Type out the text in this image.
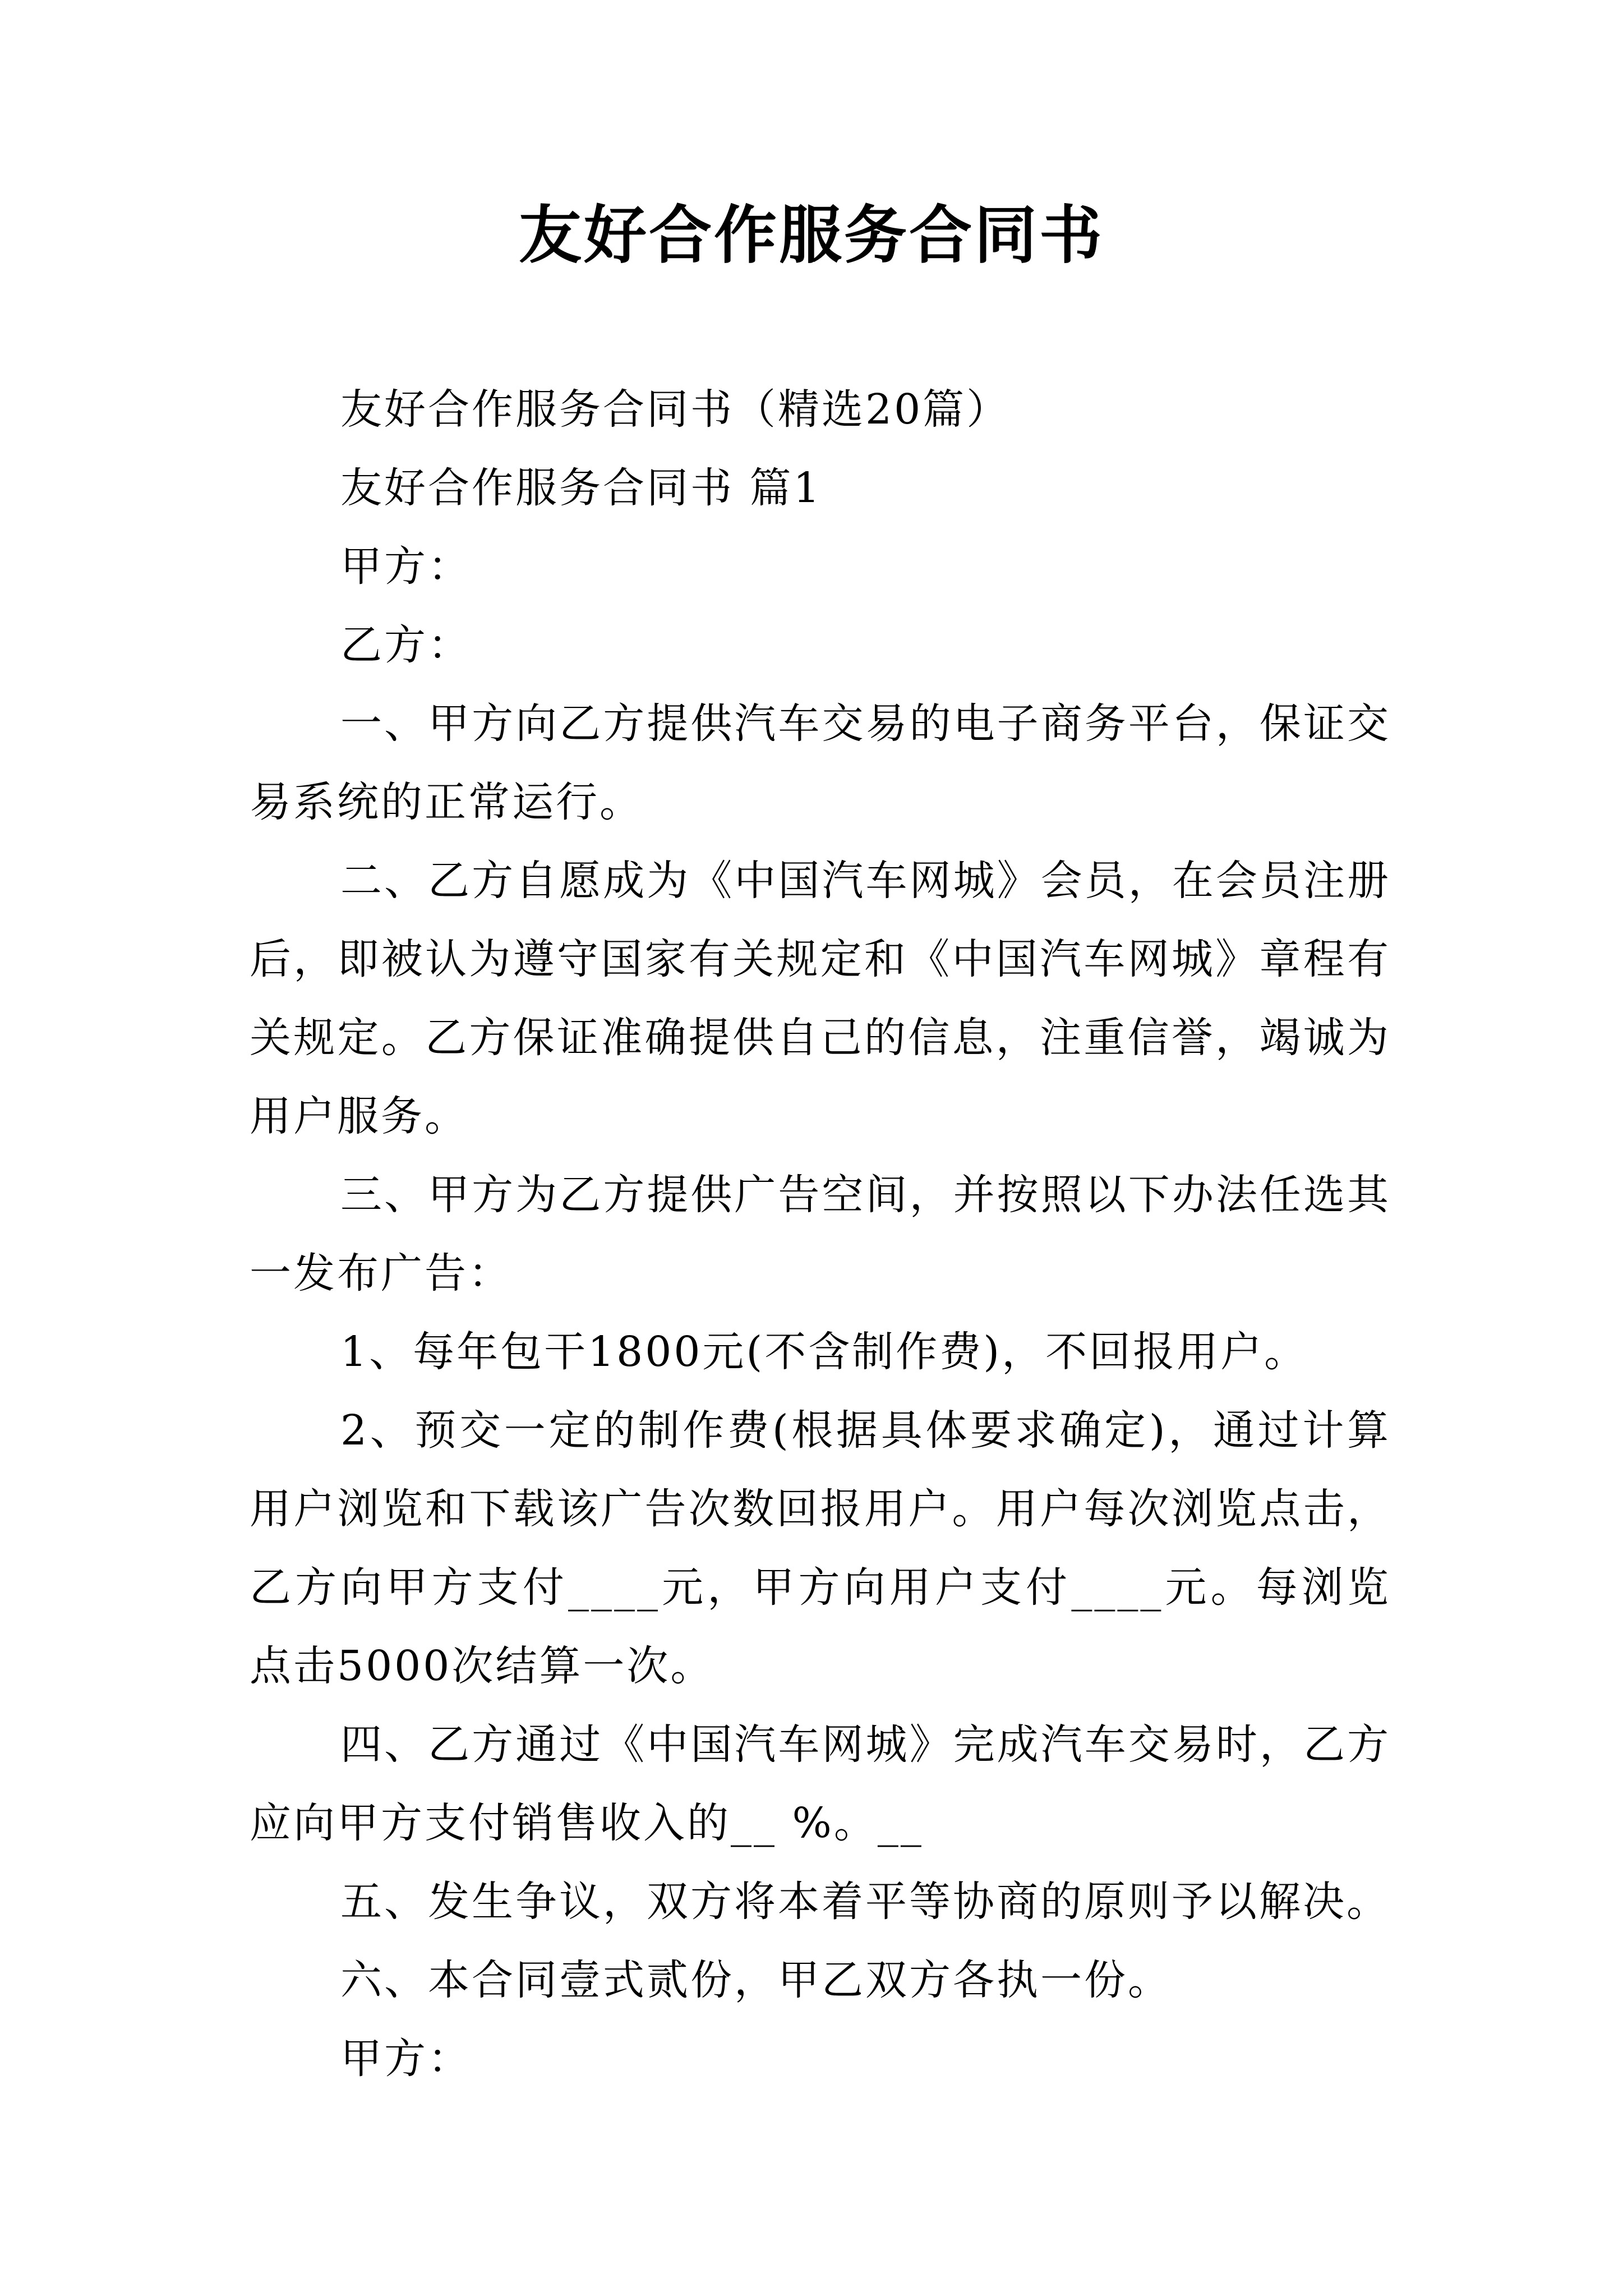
友好合作服务合同书

友好合作服务合同书（精选20篇）

友好合作服务合同书 篇1

甲方：

乙方：

一、甲方向乙方提供汽车交易的电子商务平台，保证交易系统的正常运行。

二、乙方自愿成为《中国汽车网城》会员，在会员注册后，即被认为遵守国家有关规定和《中国汽车网城》章程有关规定。乙方保证准确提供自己的信息，注重信誉，竭诚为用户服务。

三、甲方为乙方提供广告空间，并按照以下办法任选其一发布广告：

1、每年包干1800元(不含制作费)，不回报用户。

2、预交一定的制作费(根据具体要求确定)，通过计算用户浏览和下载该广告次数回报用户。用户每次浏览点击，乙方向甲方支付____元，甲方向用户支付____元。每浏览点击5000次结算一次。

四、乙方通过《中国汽车网城》完成汽车交易时，乙方应向甲方支付销售收入的__ %。__

五、发生争议，双方将本着平等协商的原则予以解决。

六、本合同壹式贰份，甲乙双方各执一份。

甲方：
